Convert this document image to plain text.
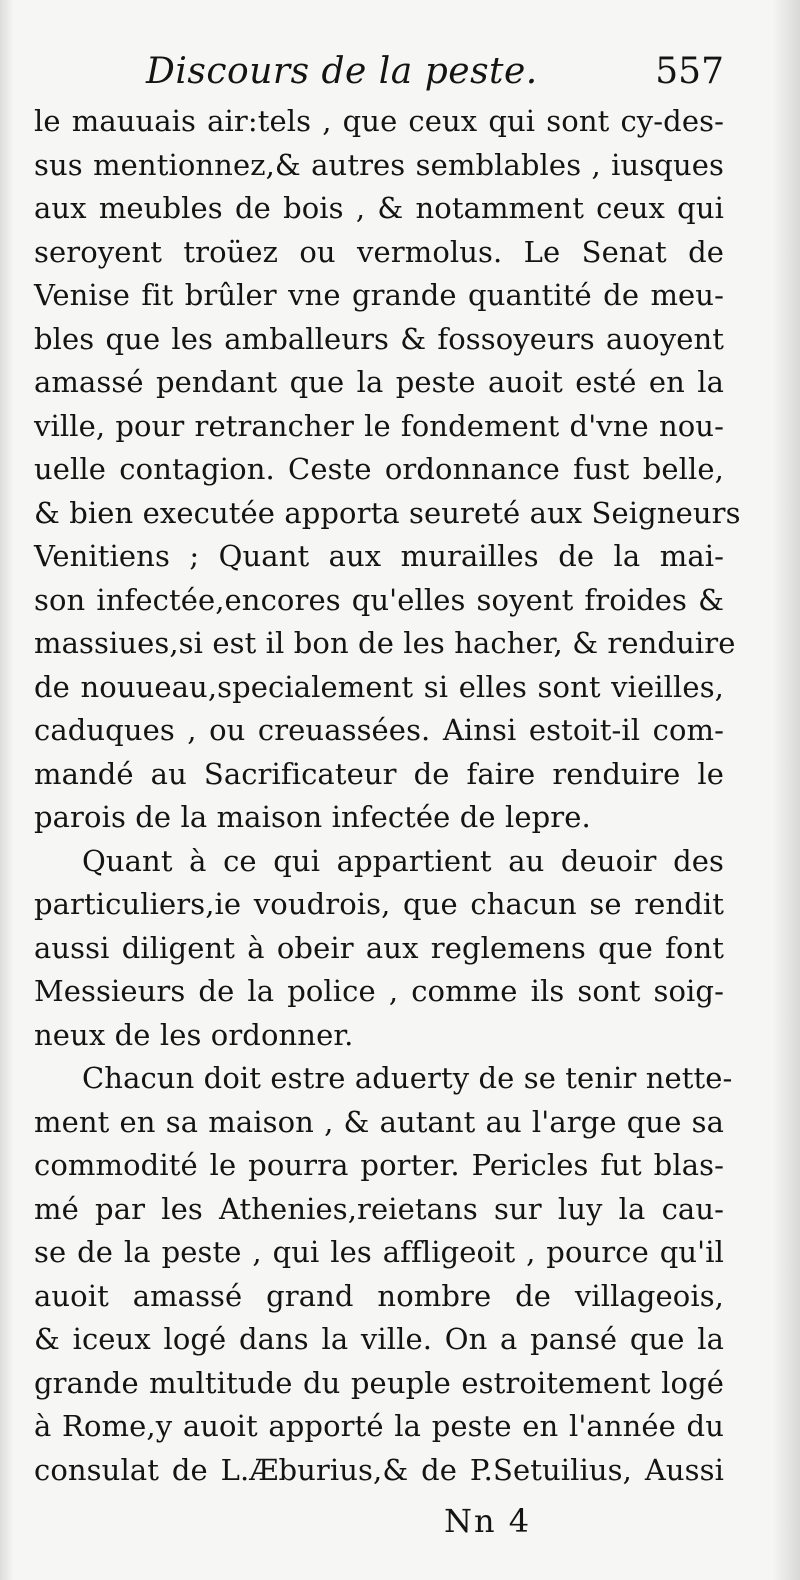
Discours de la peste.	557
le mauuais air:tels , que ceux qui sont cy-des-
sus mentionnez,& autres semblables , iusques
aux meubles de bois , & notamment ceux qui
seroyent troüez ou vermolus. Le Senat de
Venise fit brûler vne grande quantité de meu-
bles que les amballeurs & fossoyeurs auoyent
amassé pendant que la peste auoit esté en la
ville, pour retrancher le fondement d'vne nou-
uelle contagion. Ceste ordonnance fust belle,
& bien executée apporta seureté aux Seigneurs
Venitiens ; Quant aux murailles de la mai-
son infectée,encores qu'elles soyent froides &
massiues,si est il bon de les hacher, & renduire
de nouueau,specialement si elles sont vieilles,
caduques , ou creuassées. Ainsi estoit-il com-
mandé au Sacrificateur de faire renduire le
parois de la maison infectée de lepre.
Quant à ce qui appartient au deuoir des
particuliers,ie voudrois, que chacun se rendit
aussi diligent à obeir aux reglemens que font
Messieurs de la police , comme ils sont soig-
neux de les ordonner.
Chacun doit estre aduerty de se tenir nette-
ment en sa maison , & autant au l'arge que sa
commodité le pourra porter. Pericles fut blas-
mé par les Athenies,reietans sur luy la cau-
se de la peste , qui les affligeoit , pource qu'il
auoit amassé grand nombre de villageois,
& iceux logé dans la ville. On a pansé que la
grande multitude du peuple estroitement logé
à Rome,y auoit apporté la peste en l'année du
consulat de L.Æburius,& de P.Setuilius, Aussi
Nn 4
